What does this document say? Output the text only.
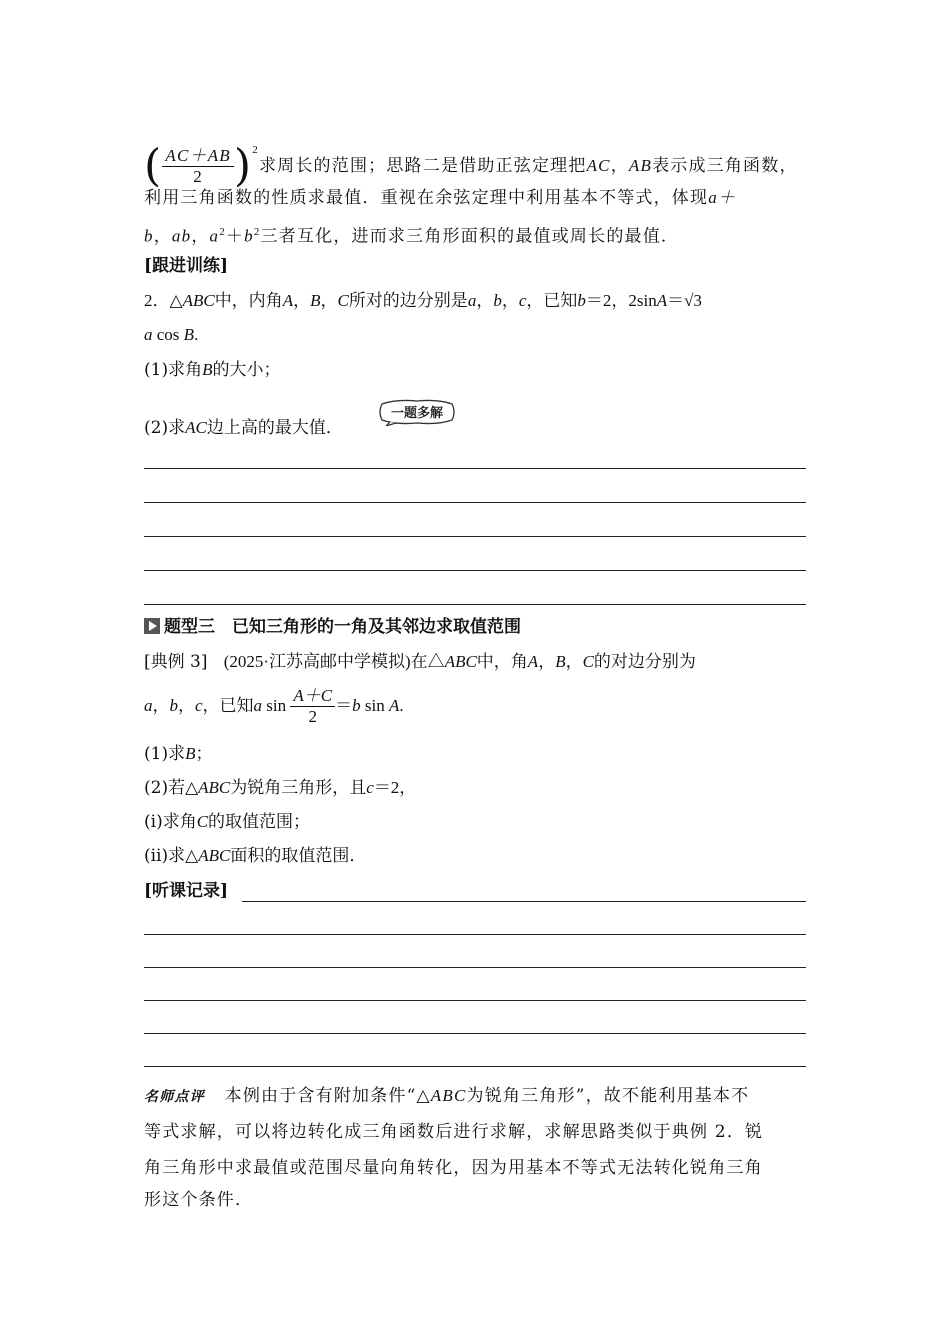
( $\frac{AC+AB}{2} )^2$求周长的范围；思路二是借助正弦定理把AC，AB表示成三角函数，
利用三角函数的性质求最值．重视在余弦定理中利用基本不等式，体现a＋
b，ab，$a^2+b^2$三者互化，进而求三角形面积的最值或周长的最值．
[跟进训练]
2．△ABC中，内角A，B，C所对的边分别是a，b，c，已知b＝2，2sinA＝√3
a cos B.
(1)求角B的大小；
(2)求AC边上高的最大值．
一题多解
题型三　已知三角形的一角及其邻边求取值范围
[典例 3] (2025·江苏高邮中学模拟)在△ABC中，角A，B，C的对边分别为
a，b，c，已知a $\sin \frac{A+C}{2} =b$ sin A.
(1)求B；
(2)若△ABC为锐角三角形，且c＝2，
(ⅰ)求角C的取值范围；
(ⅱ)求△ABC面积的取值范围．
[听课记录]
名师点评 本例由于含有附加条件“△ABC为锐角三角形”，故不能利用基本不
等式求解，可以将边转化成三角函数后进行求解，求解思路类似于典例 2．锐
角三角形中求最值或范围尽量向角转化，因为用基本不等式无法转化锐角三角
形这个条件．
